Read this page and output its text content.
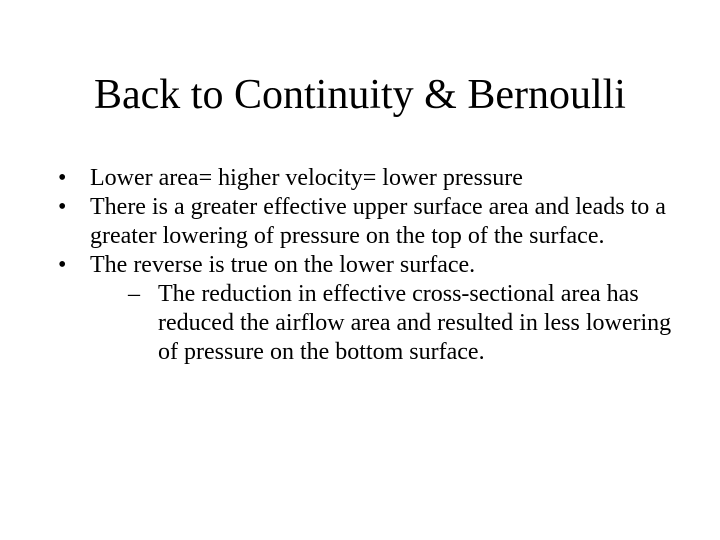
Back to Continuity & Bernoulli
• Lower area= higher velocity= lower pressure
• There is a greater effective upper surface area and leads to a greater lowering of pressure on the top of the surface.
• The reverse is true on the lower surface.
– The reduction in effective cross-sectional area has reduced the airflow area and resulted in less lowering of pressure on the bottom surface.
